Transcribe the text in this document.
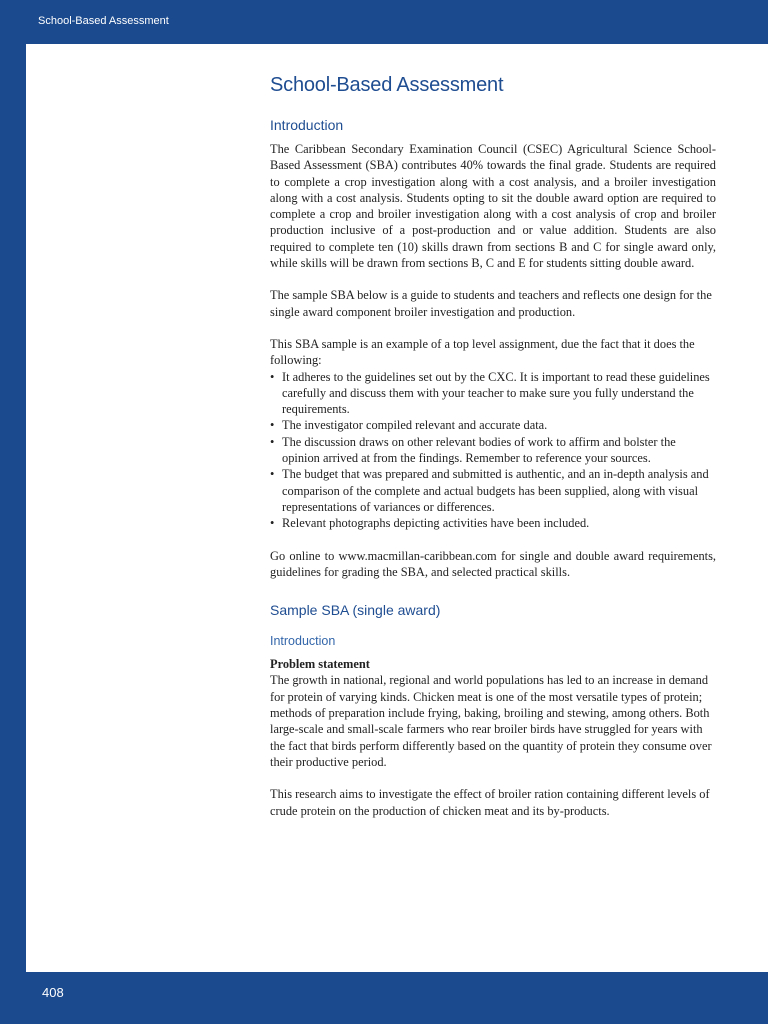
School-Based Assessment
School-Based Assessment
Introduction

The Caribbean Secondary Examination Council (CSEC) Agricultural Science School-Based Assessment (SBA) contributes 40% towards the final grade. Students are required to complete a crop investigation along with a cost analysis, and a broiler investigation along with a cost analysis. Students opting to sit the double award option are required to complete a crop and broiler investigation along with a cost analysis of crop and broiler production inclusive of a post-production and or value addition. Students are also required to complete ten (10) skills drawn from sections B and C for single award only, while skills will be drawn from sections B, C and E for students sitting double award.

The sample SBA below is a guide to students and teachers and reflects one design for the single award component broiler investigation and production.

This SBA sample is an example of a top level assignment, due the fact that it does the following:

• It adheres to the guidelines set out by the CXC. It is important to read these guidelines carefully and discuss them with your teacher to make sure you fully understand the requirements.
• The investigator compiled relevant and accurate data.
• The discussion draws on other relevant bodies of work to affirm and bolster the opinion arrived at from the findings. Remember to reference your sources.
• The budget that was prepared and submitted is authentic, and an in-depth analysis and comparison of the complete and actual budgets has been supplied, along with visual representations of variances or differences.
• Relevant photographs depicting activities have been included.

Go online to www.macmillan-caribbean.com for single and double award requirements, guidelines for grading the SBA, and selected practical skills.

Sample SBA (single award)
Introduction

Problem statement

The growth in national, regional and world populations has led to an increase in demand for protein of varying kinds. Chicken meat is one of the most versatile types of protein; methods of preparation include frying, baking, broiling and stewing, among others. Both large-scale and small-scale farmers who rear broiler birds have struggled for years with the fact that birds perform differently based on the quantity of protein they consume over their productive period.

This research aims to investigate the effect of broiler ration containing different levels of crude protein on the production of chicken meat and its by-products.

408
